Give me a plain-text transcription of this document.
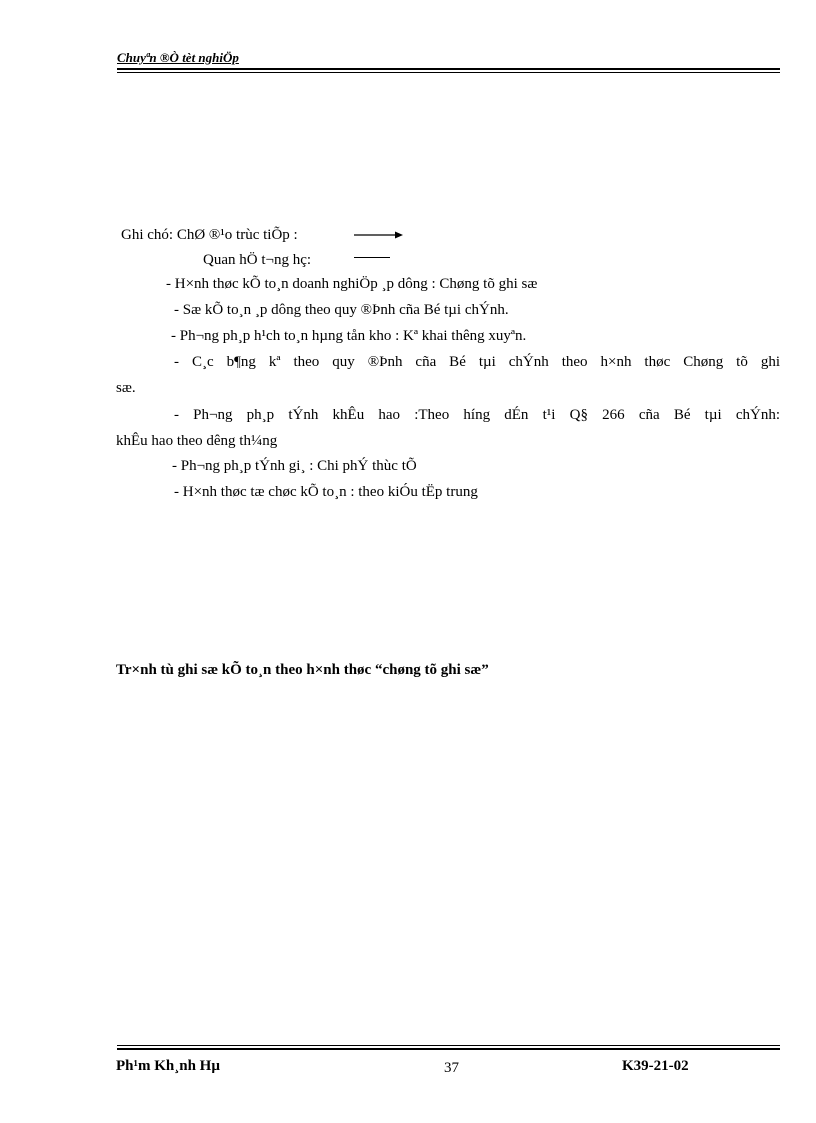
Chuyªn ®Ò tèt nghiÖp
Ghi chó: ChØ ®¹o trùc tiÕp :
Quan hÖ t¬ng hç:
- H×nh thøc kÕ to¸n doanh nghiÖp ¸p dông : Chøng tõ ghi sæ
- Sæ kÕ to¸n ¸p dông theo quy ®Þnh cña Bé tµi chÝnh.
- Ph¬ng ph¸p h¹ch to¸n hµng tån kho : Kª khai thêng xuyªn.
- C¸c b¶ng kª theo quy ®Þnh cña Bé tµi chÝnh theo h×nh thøc Chøng tõ ghi
sæ.
- Ph¬ng ph¸p tÝnh khÊu hao :Theo híng dÉn t¹i Q§ 266 cña Bé tµi chÝnh:
khÊu hao theo dêng th¼ng
- Ph¬ng ph¸p tÝnh gi¸ : Chi phÝ thùc tÕ
- H×nh thøc tæ chøc kÕ to¸n : theo kiÓu tËp trung
Tr×nh tù ghi sæ kÕ to¸n theo h×nh thøc “chøng tõ ghi sæ”
Ph¹m Kh¸nh Hµ	37	K39-21-02
